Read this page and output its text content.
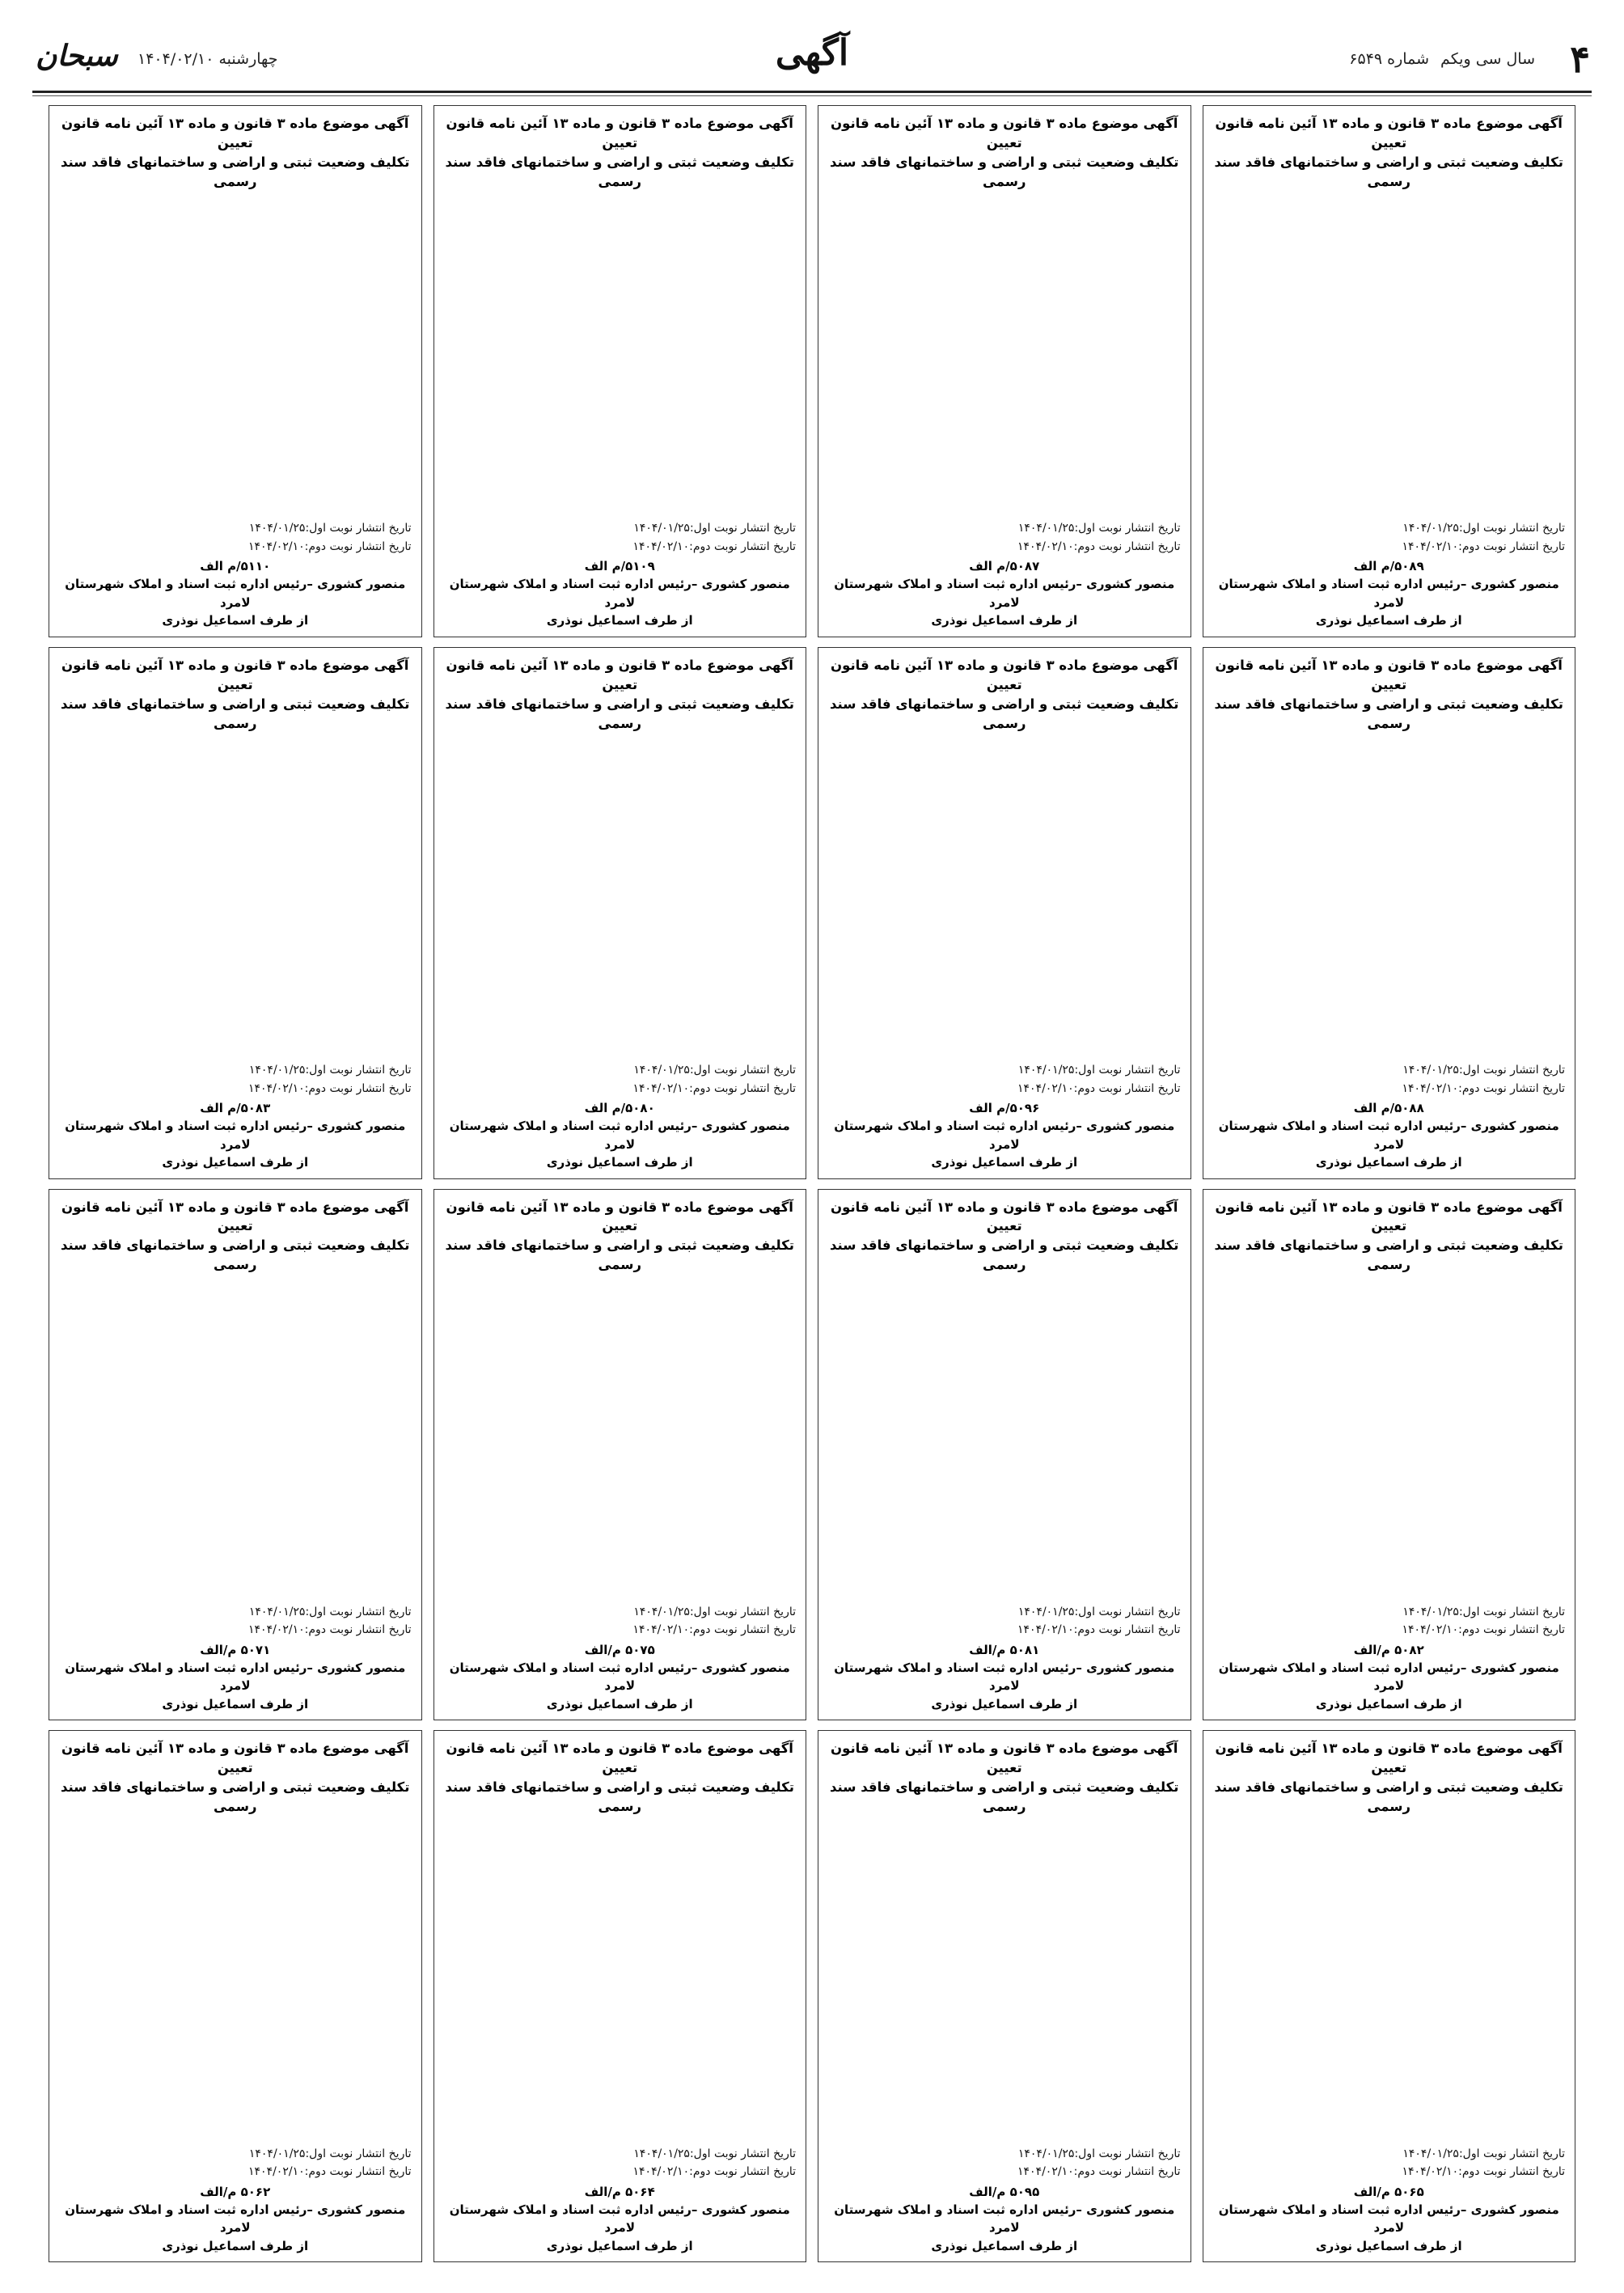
۴
سال سی ویکم شماره ۶۵۴۹
آگهی
چهارشنبه ۱۴۰۴/۰۲/۱۰
سبحان
آگهی موضوع ماده ۳ قانون و ماده ۱۳ آئین نامه قانون تعیین
تکلیف وضعیت ثبتی و اراضی و ساختمانهای فاقد سند رسمی
تاریخ انتشار نوبت اول:۱۴۰۴/۰۱/۲۵
تاریخ انتشار نوبت دوم:۱۴۰۴/۰۲/۱۰
۵۰۸۹/م الف
منصور کشوری –رئیس اداره ثبت اسناد و املاک شهرستان لامرد
از طرف اسماعیل نوذری
آگهی موضوع ماده ۳ قانون و ماده ۱۳ آئین نامه قانون تعیین
تکلیف وضعیت ثبتی و اراضی و ساختمانهای فاقد سند رسمی
تاریخ انتشار نوبت اول:۱۴۰۴/۰۱/۲۵
تاریخ انتشار نوبت دوم:۱۴۰۴/۰۲/۱۰
۵۰۸۷/م الف
منصور کشوری –رئیس اداره ثبت اسناد و املاک شهرستان لامرد
از طرف اسماعیل نوذری
آگهی موضوع ماده ۳ قانون و ماده ۱۳ آئین نامه قانون تعیین
تکلیف وضعیت ثبتی و اراضی و ساختمانهای فاقد سند رسمی
تاریخ انتشار نوبت اول:۱۴۰۴/۰۱/۲۵
تاریخ انتشار نوبت دوم:۱۴۰۴/۰۲/۱۰
۵۱۰۹/م الف
منصور کشوری –رئیس اداره ثبت اسناد و املاک شهرستان لامرد
از طرف اسماعیل نوذری
آگهی موضوع ماده ۳ قانون و ماده ۱۳ آئین نامه قانون تعیین
تکلیف وضعیت ثبتی و اراضی و ساختمانهای فاقد سند رسمی
تاریخ انتشار نوبت اول:۱۴۰۴/۰۱/۲۵
تاریخ انتشار نوبت دوم:۱۴۰۴/۰۲/۱۰
۵۱۱۰/م الف
منصور کشوری –رئیس اداره ثبت اسناد و املاک شهرستان لامرد
از طرف اسماعیل نوذری
آگهی موضوع ماده ۳ قانون و ماده ۱۳ آئین نامه قانون تعیین
تکلیف وضعیت ثبتی و اراضی و ساختمانهای فاقد سند رسمی
تاریخ انتشار نوبت اول:۱۴۰۴/۰۱/۲۵
تاریخ انتشار نوبت دوم:۱۴۰۴/۰۲/۱۰
۵۰۸۸/م الف
منصور کشوری –رئیس اداره ثبت اسناد و املاک شهرستان لامرد
از طرف اسماعیل نوذری
آگهی موضوع ماده ۳ قانون و ماده ۱۳ آئین نامه قانون تعیین
تکلیف وضعیت ثبتی و اراضی و ساختمانهای فاقد سند رسمی
تاریخ انتشار نوبت اول:۱۴۰۴/۰۱/۲۵
تاریخ انتشار نوبت دوم:۱۴۰۴/۰۲/۱۰
۵۰۹۶/م الف
منصور کشوری –رئیس اداره ثبت اسناد و املاک شهرستان لامرد
از طرف اسماعیل نوذری
آگهی موضوع ماده ۳ قانون و ماده ۱۳ آئین نامه قانون تعیین
تکلیف وضعیت ثبتی و اراضی و ساختمانهای فاقد سند رسمی
تاریخ انتشار نوبت اول:۱۴۰۴/۰۱/۲۵
تاریخ انتشار نوبت دوم:۱۴۰۴/۰۲/۱۰
۵۰۸۰/م الف
منصور کشوری –رئیس اداره ثبت اسناد و املاک شهرستان لامرد
از طرف اسماعیل نوذری
آگهی موضوع ماده ۳ قانون و ماده ۱۳ آئین نامه قانون تعیین
تکلیف وضعیت ثبتی و اراضی و ساختمانهای فاقد سند رسمی
تاریخ انتشار نوبت اول:۱۴۰۴/۰۱/۲۵
تاریخ انتشار نوبت دوم:۱۴۰۴/۰۲/۱۰
۵۰۸۳/م الف
منصور کشوری –رئیس اداره ثبت اسناد و املاک شهرستان لامرد
از طرف اسماعیل نوذری
آگهی موضوع ماده ۳ قانون و ماده ۱۳ آئین نامه قانون تعیین
تکلیف وضعیت ثبتی و اراضی و ساختمانهای فاقد سند رسمی
تاریخ انتشار نوبت اول:۱۴۰۴/۰۱/۲۵
تاریخ انتشار نوبت دوم:۱۴۰۴/۰۲/۱۰
۵۰۸۲ م/الف
منصور کشوری –رئیس اداره ثبت اسناد و املاک شهرستان لامرد
از طرف اسماعیل نوذری
آگهی موضوع ماده ۳ قانون و ماده ۱۳ آئین نامه قانون تعیین
تکلیف وضعیت ثبتی و اراضی و ساختمانهای فاقد سند رسمی
تاریخ انتشار نوبت اول:۱۴۰۴/۰۱/۲۵
تاریخ انتشار نوبت دوم:۱۴۰۴/۰۲/۱۰
۵۰۸۱ م/الف
منصور کشوری –رئیس اداره ثبت اسناد و املاک شهرستان لامرد
از طرف اسماعیل نوذری
آگهی موضوع ماده ۳ قانون و ماده ۱۳ آئین نامه قانون تعیین
تکلیف وضعیت ثبتی و اراضی و ساختمانهای فاقد سند رسمی
تاریخ انتشار نوبت اول:۱۴۰۴/۰۱/۲۵
تاریخ انتشار نوبت دوم:۱۴۰۴/۰۲/۱۰
۵۰۷۵ م/الف
منصور کشوری –رئیس اداره ثبت اسناد و املاک شهرستان لامرد
از طرف اسماعیل نوذری
آگهی موضوع ماده ۳ قانون و ماده ۱۳ آئین نامه قانون تعیین
تکلیف وضعیت ثبتی و اراضی و ساختمانهای فاقد سند رسمی
تاریخ انتشار نوبت اول:۱۴۰۴/۰۱/۲۵
تاریخ انتشار نوبت دوم:۱۴۰۴/۰۲/۱۰
۵۰۷۱ م/الف
منصور کشوری –رئیس اداره ثبت اسناد و املاک شهرستان لامرد
از طرف اسماعیل نوذری
آگهی موضوع ماده ۳ قانون و ماده ۱۳ آئین نامه قانون تعیین
تکلیف وضعیت ثبتی و اراضی و ساختمانهای فاقد سند رسمی
تاریخ انتشار نوبت اول:۱۴۰۴/۰۱/۲۵
تاریخ انتشار نوبت دوم:۱۴۰۴/۰۲/۱۰
۵۰۶۵ م/الف
منصور کشوری –رئیس اداره ثبت اسناد و املاک شهرستان لامرد
از طرف اسماعیل نوذری
آگهی موضوع ماده ۳ قانون و ماده ۱۳ آئین نامه قانون تعیین
تکلیف وضعیت ثبتی و اراضی و ساختمانهای فاقد سند رسمی
تاریخ انتشار نوبت اول:۱۴۰۴/۰۱/۲۵
تاریخ انتشار نوبت دوم:۱۴۰۴/۰۲/۱۰
۵۰۹۵ م/الف
منصور کشوری –رئیس اداره ثبت اسناد و املاک شهرستان لامرد
از طرف اسماعیل نوذری
آگهی موضوع ماده ۳ قانون و ماده ۱۳ آئین نامه قانون تعیین
تکلیف وضعیت ثبتی و اراضی و ساختمانهای فاقد سند رسمی
تاریخ انتشار نوبت اول:۱۴۰۴/۰۱/۲۵
تاریخ انتشار نوبت دوم:۱۴۰۴/۰۲/۱۰
۵۰۶۴ م/الف
منصور کشوری –رئیس اداره ثبت اسناد و املاک شهرستان لامرد
از طرف اسماعیل نوذری
آگهی موضوع ماده ۳ قانون و ماده ۱۳ آئین نامه قانون تعیین
تکلیف وضعیت ثبتی و اراضی و ساختمانهای فاقد سند رسمی
تاریخ انتشار نوبت اول:۱۴۰۴/۰۱/۲۵
تاریخ انتشار نوبت دوم:۱۴۰۴/۰۲/۱۰
۵۰۶۲ م/الف
منصور کشوری –رئیس اداره ثبت اسناد و املاک شهرستان لامرد
از طرف اسماعیل نوذری
